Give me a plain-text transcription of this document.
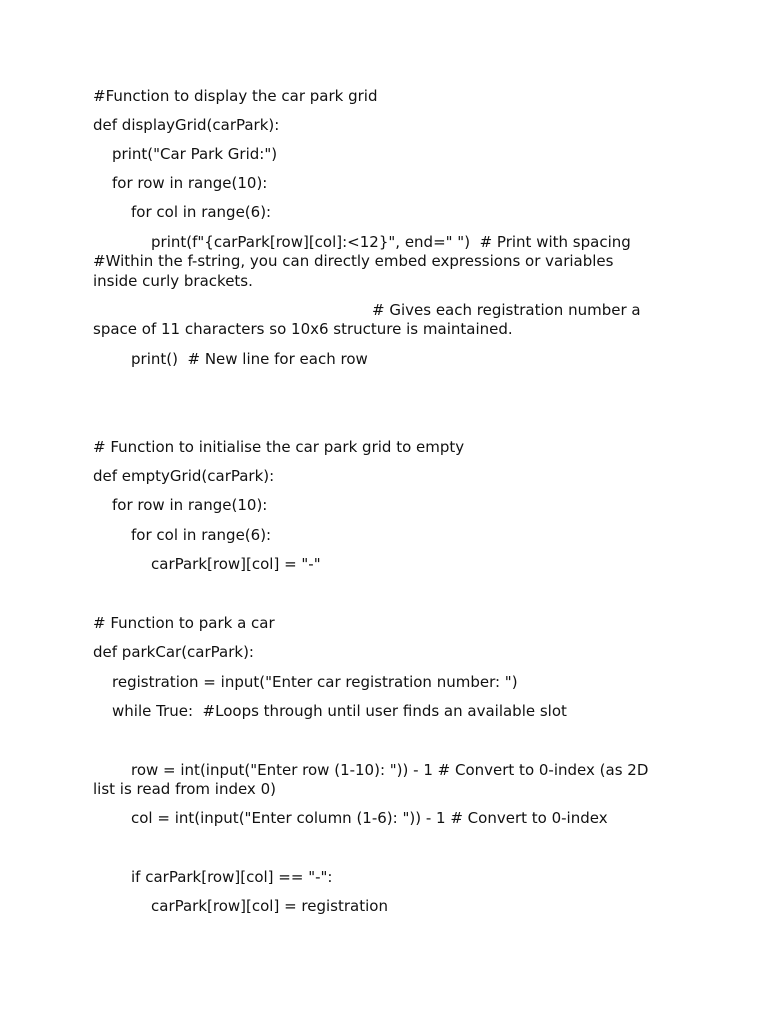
#Function to display the car park grid

def displayGrid(carPark):

print("Car Park Grid:")

for row in range(10):

for col in range(6):

print(f"{carPark[row][col]:<12}", end=" ")  # Print with spacing

#Within the f-string, you can directly embed expressions or variables

inside curly brackets.

# Gives each registration number a

space of 11 characters so 10x6 structure is maintained.

print()  # New line for each row

# Function to initialise the car park grid to empty

def emptyGrid(carPark):

for row in range(10):

for col in range(6):

carPark[row][col] = "-"

# Function to park a car

def parkCar(carPark):

registration = input("Enter car registration number: ")

while True:  #Loops through until user finds an available slot

row = int(input("Enter row (1-10): ")) - 1 # Convert to 0-index (as 2D

list is read from index 0)

col = int(input("Enter column (1-6): ")) - 1 # Convert to 0-index

if carPark[row][col] == "-":

carPark[row][col] = registration
